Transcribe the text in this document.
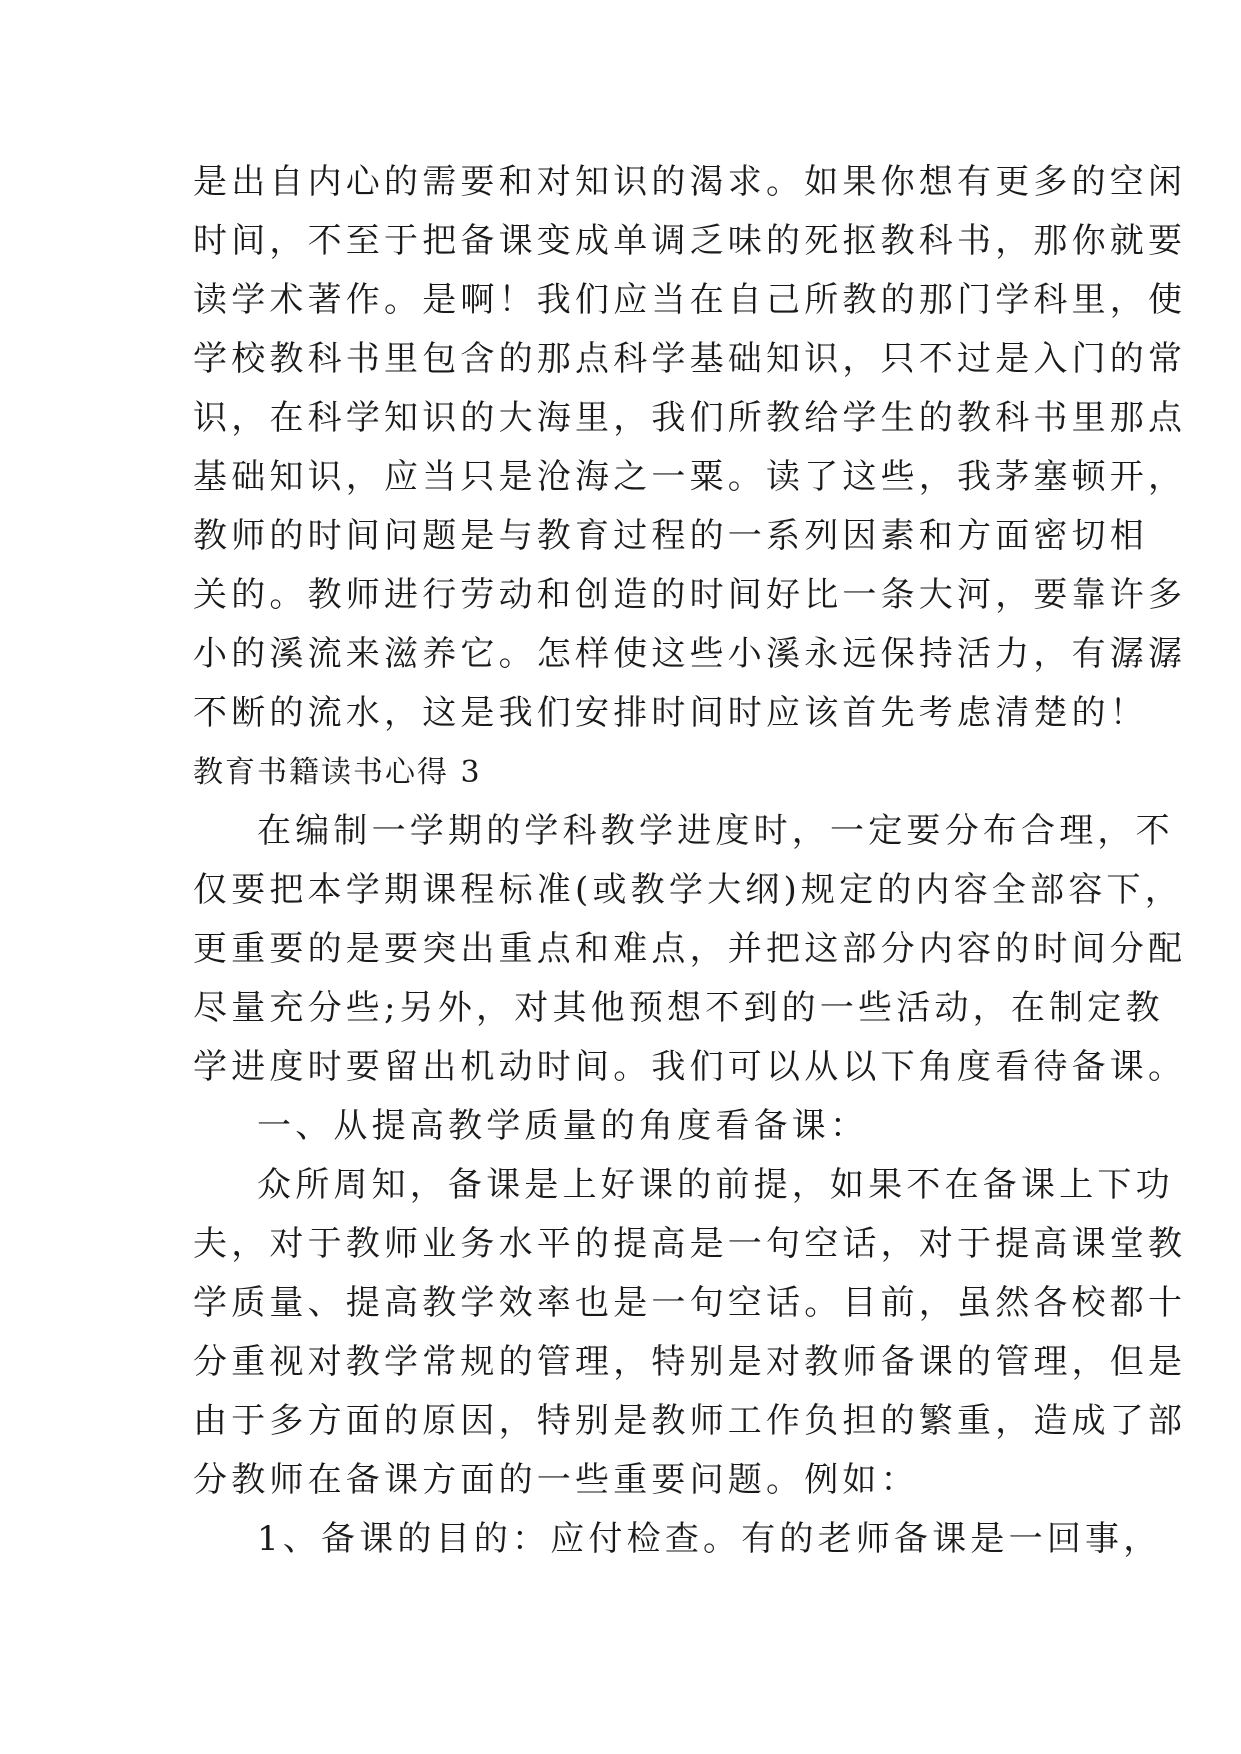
是出自内心的需要和对知识的渴求。如果你想有更多的空闲
时间，不至于把备课变成单调乏味的死抠教科书，那你就要
读学术著作。是啊！我们应当在自己所教的那门学科里，使
学校教科书里包含的那点科学基础知识，只不过是入门的常
识，在科学知识的大海里，我们所教给学生的教科书里那点
基础知识，应当只是沧海之一粟。读了这些，我茅塞顿开，
教师的时间问题是与教育过程的一系列因素和方面密切相
关的。教师进行劳动和创造的时间好比一条大河，要靠许多
小的溪流来滋养它。怎样使这些小溪永远保持活力，有潺潺
不断的流水，这是我们安排时间时应该首先考虑清楚的！
教育书籍读书心得 3
在编制一学期的学科教学进度时，一定要分布合理，不
仅要把本学期课程标准(或教学大纲)规定的内容全部容下，
更重要的是要突出重点和难点，并把这部分内容的时间分配
尽量充分些;另外，对其他预想不到的一些活动，在制定教
学进度时要留出机动时间。我们可以从以下角度看待备课。
一、从提高教学质量的角度看备课：
众所周知，备课是上好课的前提，如果不在备课上下功
夫，对于教师业务水平的提高是一句空话，对于提高课堂教
学质量、提高教学效率也是一句空话。目前，虽然各校都十
分重视对教学常规的管理，特别是对教师备课的管理，但是
由于多方面的原因，特别是教师工作负担的繁重，造成了部
分教师在备课方面的一些重要问题。例如：
1、备课的目的：应付检查。有的老师备课是一回事，
